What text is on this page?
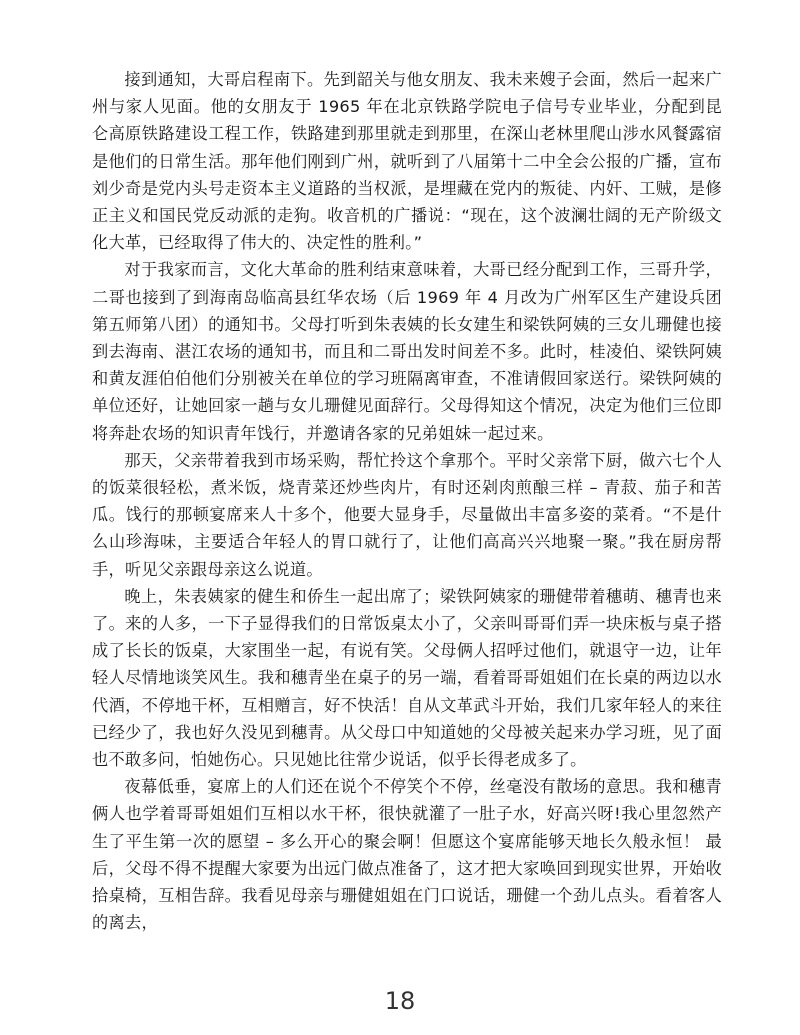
接到通知，大哥启程南下。先到韶关与他女朋友、我未来嫂子会面，然后一起来广州与家人见面。他的女朋友于 1965 年在北京铁路学院电子信号专业毕业，分配到昆仑高原铁路建设工程工作，铁路建到那里就走到那里，在深山老林里爬山涉水风餐露宿是他们的日常生活。那年他们刚到广州，就听到了八届第十二中全会公报的广播，宣布刘少奇是党内头号走资本主义道路的当权派，是埋藏在党内的叛徒、内奸、工贼，是修正主义和国民党反动派的走狗。收音机的广播说：“现在，这个波澜壮阔的无产阶级文化大革，已经取得了伟大的、决定性的胜利。”

对于我家而言，文化大革命的胜利结束意味着，大哥已经分配到工作，三哥升学，二哥也接到了到海南岛临高县红华农场（后 1969 年 4 月改为广州军区生产建设兵团第五师第八团）的通知书。父母打听到朱表姨的长女建生和梁铁阿姨的三女儿珊健也接到去海南、湛江农场的通知书，而且和二哥出发时间差不多。此时，桂凌伯、梁铁阿姨和黄友涯伯伯他们分别被关在单位的学习班隔离审查，不准请假回家送行。梁铁阿姨的单位还好，让她回家一趟与女儿珊健见面辞行。父母得知这个情况，决定为他们三位即将奔赴农场的知识青年饯行，并邀请各家的兄弟姐妹一起过来。

那天，父亲带着我到市场采购，帮忙拎这个拿那个。平时父亲常下厨，做六七个人的饭菜很轻松，煮米饭，烧青菜还炒些肉片，有时还剁肉煎酿三样 – 青菽、茄子和苦瓜。饯行的那顿宴席来人十多个，他要大显身手，尽量做出丰富多姿的菜肴。“不是什么山珍海味，主要适合年轻人的胃口就行了，让他们高高兴兴地聚一聚。”我在厨房帮手，听见父亲跟母亲这么说道。

晚上，朱表姨家的健生和侨生一起出席了；梁铁阿姨家的珊健带着穗萌、穗青也来了。来的人多，一下子显得我们的日常饭桌太小了，父亲叫哥哥们弄一块床板与桌子搭成了长长的饭桌，大家围坐一起，有说有笑。父母俩人招呼过他们，就退守一边，让年轻人尽情地谈笑风生。我和穗青坐在桌子的另一端，看着哥哥姐姐们在长桌的两边以水代酒，不停地干杯，互相赠言，好不快活！自从文革武斗开始，我们几家年轻人的来往已经少了，我也好久没见到穗青。从父母口中知道她的父母被关起来办学习班，见了面也不敢多问，怕她伤心。只见她比往常少说话，似乎长得老成多了。

夜幕低垂，宴席上的人们还在说个不停笑个不停，丝毫没有散场的意思。我和穗青俩人也学着哥哥姐姐们互相以水干杯，很快就灌了一肚子水，好高兴呀!我心里忽然产生了平生第一次的愿望 – 多么开心的聚会啊！但愿这个宴席能够天地长久般永恒！ 最后，父母不得不提醒大家要为出远门做点准备了，这才把大家唤回到现实世界，开始收拾桌椅，互相告辞。我看见母亲与珊健姐姐在门口说话，珊健一个劲儿点头。看着客人的离去，

18
